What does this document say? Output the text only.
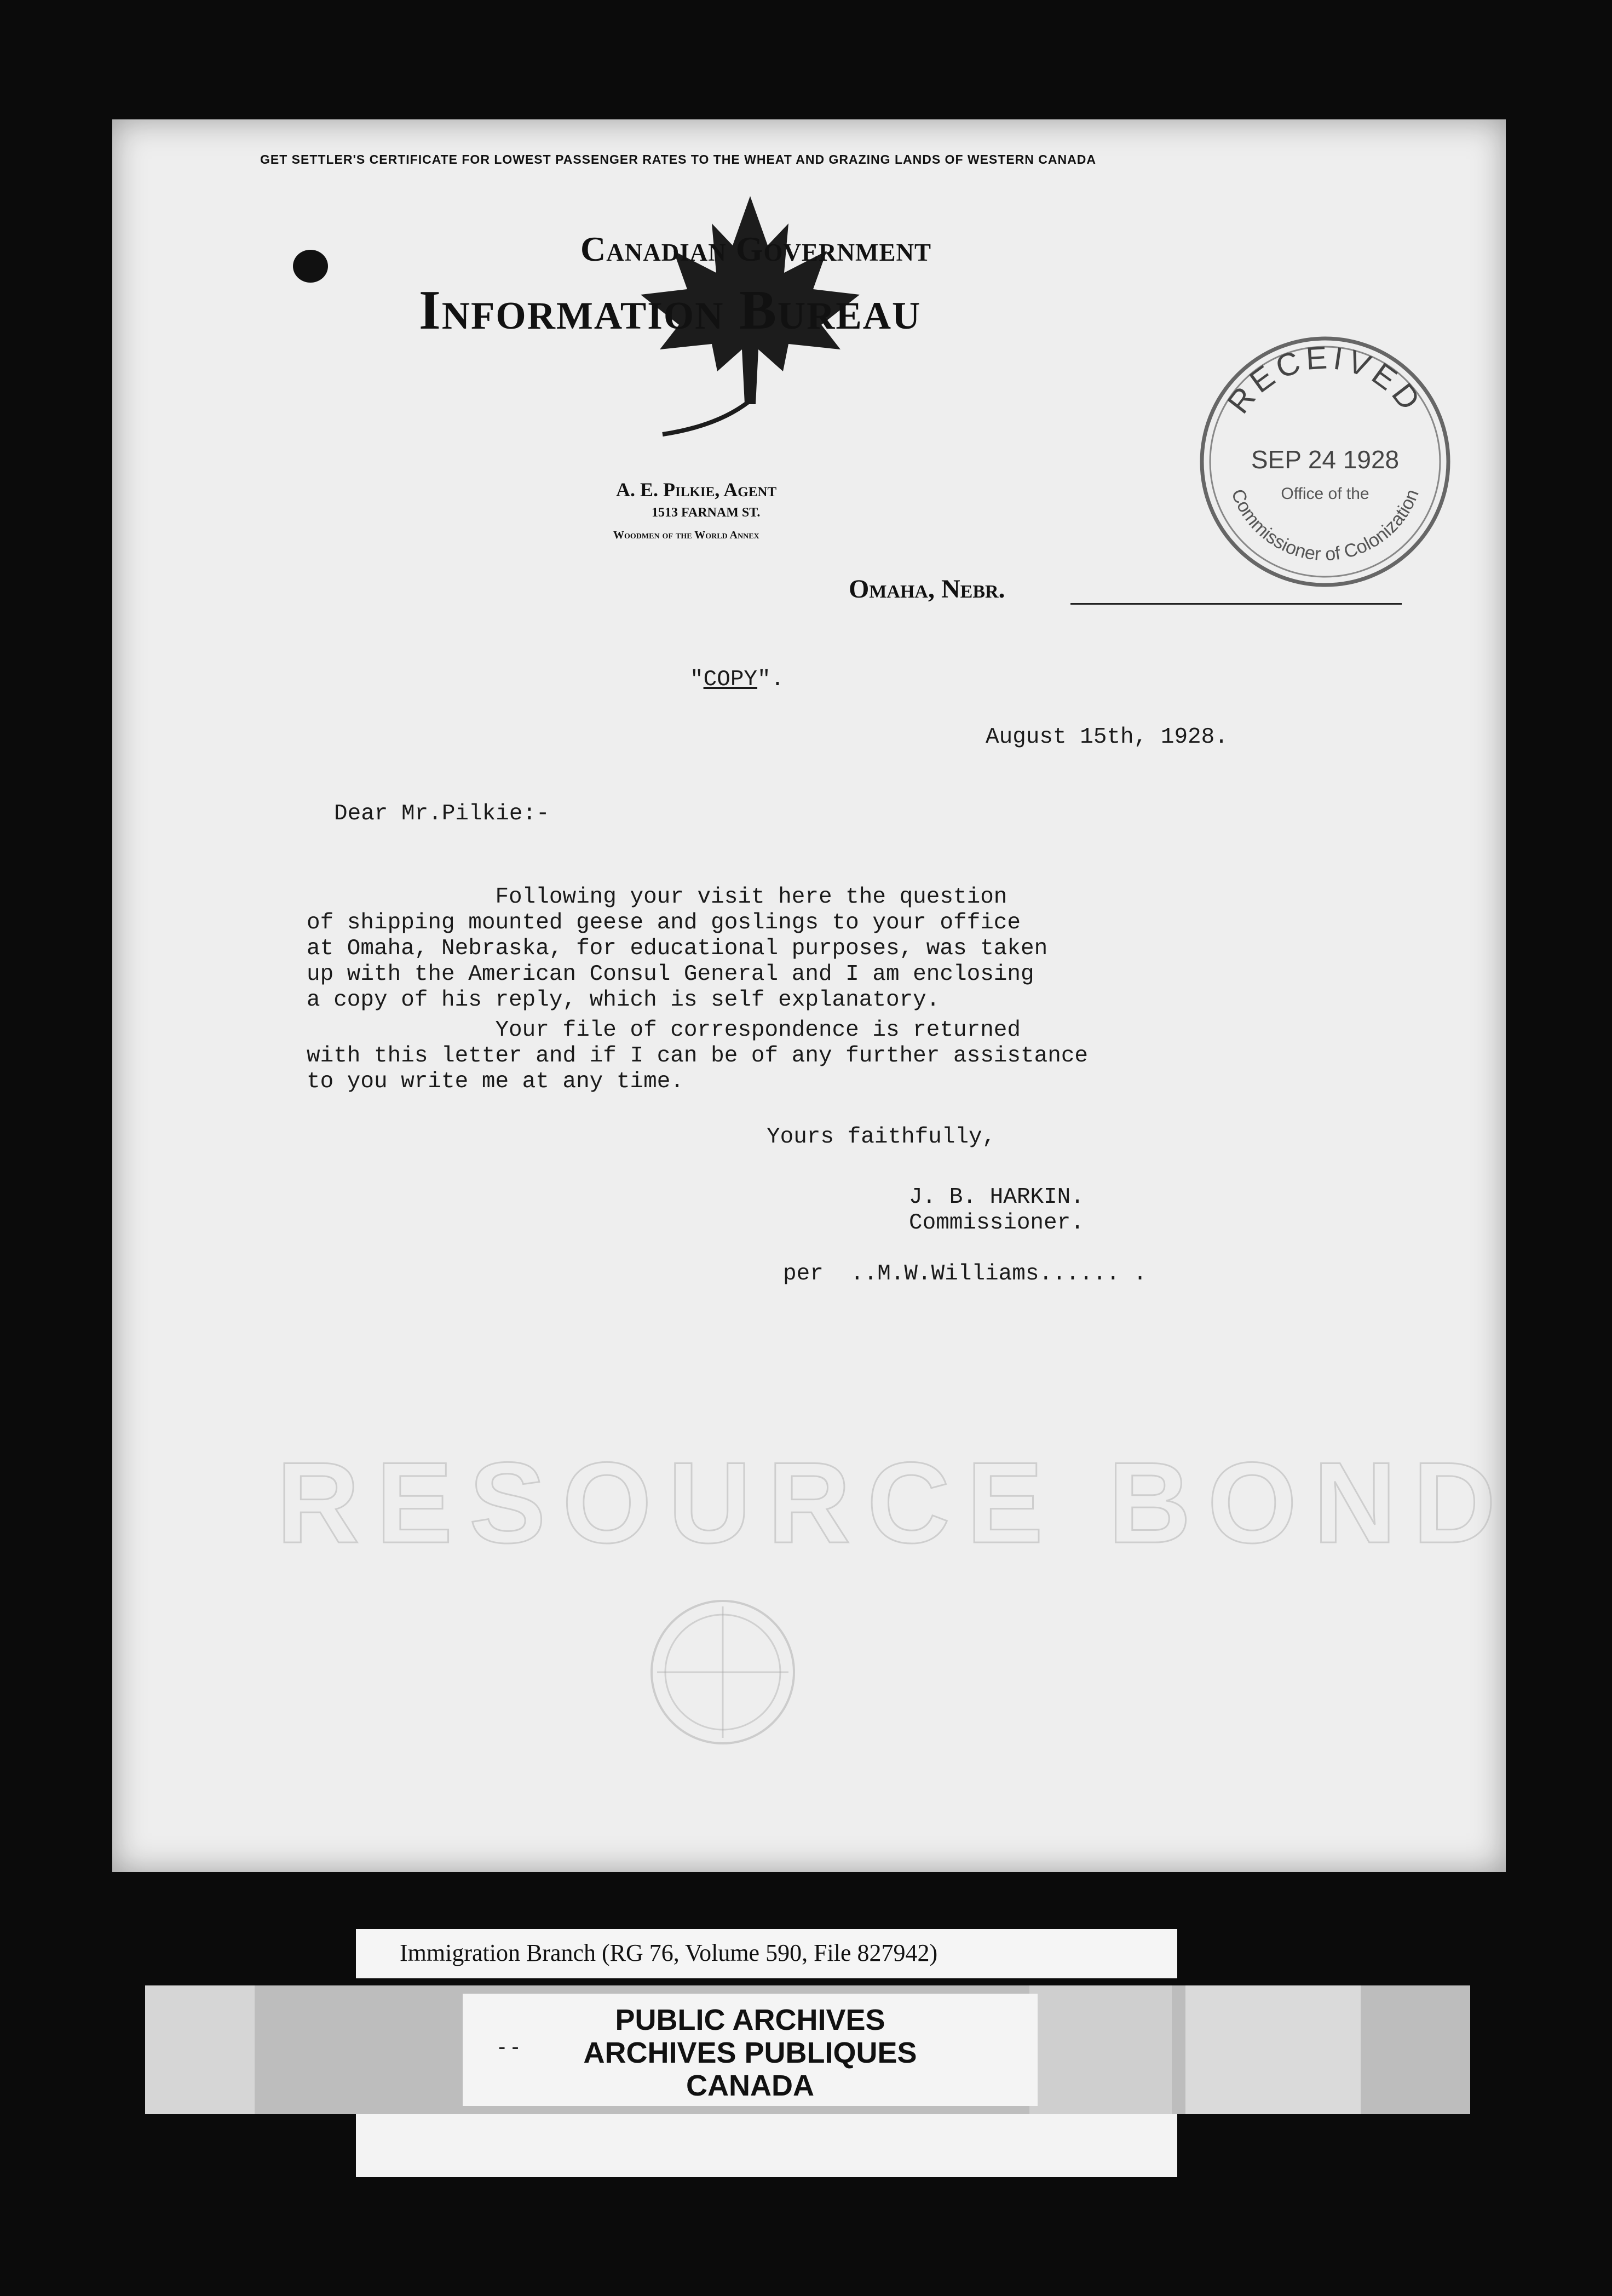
GET SETTLER'S CERTIFICATE FOR LOWEST PASSENGER RATES TO THE WHEAT AND GRAZING LANDS OF WESTERN CANADA
Canadian Government
Information Bureau
A. E. Pilkie, Agent
1513 FARNAM ST.
Woodmen of the World Annex
Omaha, Nebr.
RECEIVED
SEP 24 1928
Office of the
Commissioner of Colonization
"COPY".
August 15th, 1928.
Dear Mr.Pilkie:-

Following your visit here the question
of shipping mounted geese and goslings to your office
at Omaha, Nebraska, for educational purposes, was taken
up with the American Consul General and I am enclosing
a copy of his reply, which is self explanatory.
Your file of correspondence is returned
with this letter and if I can be of any further assistance
to you write me at any time.
Yours faithfully,
J. B. HARKIN.
Commissioner.
per  ..M.W.Williams...... .
RESOURCE BOND
Immigration Branch (RG 76, Volume 590, File 827942)
PUBLIC ARCHIVES
ARCHIVES PUBLIQUES
CANADA
- -
